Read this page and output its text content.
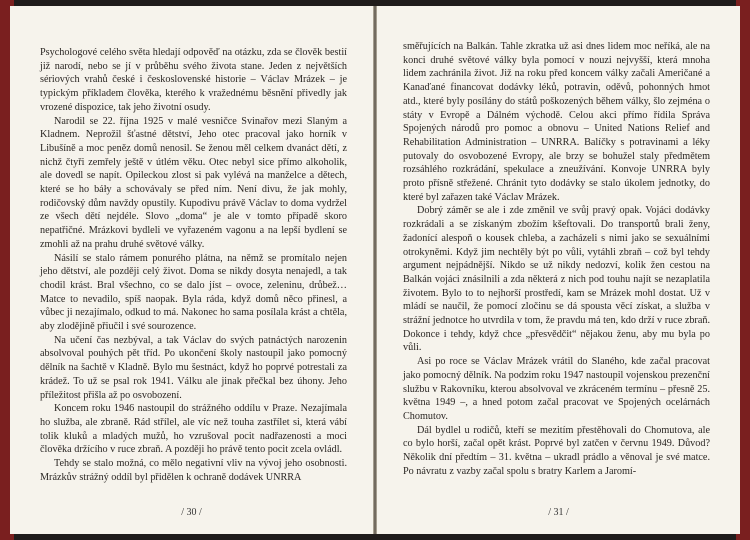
Psychologové celého světa hledají odpověď na otázku, zda se člověk bestií již narodí, nebo se jí v průběhu svého života stane. Jeden z největších sériových vrahů české i československé historie – Václav Mrázek – je typickým příkladem člověka, kterého k vražednému běsnění přivedly jak vrozené dispozice, tak jeho životní osudy.

Narodil se 22. října 1925 v malé vesničce Svinařov mezi Slaným a Kladnem. Neprožil šťastné dětství, Jeho otec pracoval jako horník v Libušíně a moc peněz domů nenosil. Se ženou měl celkem dvanáct dětí, z nichž čtyři zemřely ještě v útlém věku. Otec nebyl sice přímo alkoholik, ale dovedl se napít. Opileckou zlost si pak vylévá na manželce a dětech, které se ho báły a schovávaly se před ním. Není divu, že jak mohly, rodičovský dům navždy opustily. Kupodivu právě Václav to doma vydržel ze všech dětí nejdéle. Slovo „doma“ je ale v tomto případě skoro nepatřičné. Mrázkovi bydleli ve vyřazeném vagonu a na lepší bydlení se zmohli až na prahu druhé světové války.

Násilí se stalo rámem ponurého plátna, na němž se promítalo nejen jeho dětství, ale později celý život. Doma se nikdy dosyta nenajedl, a tak chodil krást. Bral všechno, co se dalo jíst – ovoce, zeleninu, drůbež… Matce to nevadilo, spíš naopak. Byla ráda, když domů něco přinesl, a vůbec ji nezajímalo, odkud to má. Nakonec ho sama posílala krást a chtěla, aby zlodějině přiučil i své sourozence.

Na učení čas nezbýval, a tak Václav do svých patnáctých narozenin absolvoval pouhých pět tříd. Po ukončení školy nastoupil jako pomocný dělník na šachtě v Kladně. Bylo mu šestnáct, když ho poprvé potrestali za krádež. To už se psal rok 1941. Válku ale jinak přečkal bez úhony. Jeho příležitost přišla až po osvobození.

Koncem roku 1946 nastoupil do strážného oddílu v Praze. Nezajímala ho služba, ale zbraně. Rád střílel, ale víc než touha zastřílet si, která vábí tolik kluků a mladých mužů, ho vzrušoval pocit nadřazenosti a moci člověka držícího v ruce zbraň. A později ho právě tento pocit zcela ovládl.

Tehdy se stalo možná, co mělo negativní vliv na vývoj jeho osobnosti. Mrázkův strážný oddíl byl přidělen k ochraně dodávek UNRRA

/ 30 /

směřujících na Balkán. Tahle zkratka už asi dnes lidem moc neříká, ale na konci druhé světové války byla pomocí v nouzi nejvyšší, která mnoha lidem zachránila život. Již na roku před koncem války začali Američané a Kanaďané financovat dodávky léků, potravin, oděvů, pohonných hmot atd., které byly posílány do států poškozených během války, šlo zejména o státy v Evropě a Dálném východě. Celou akci přímo řídila Správa Spojených národů pro pomoc a obnovu – United Nations Relief and Rehabilitation Administration – UNRRA. Balíčky s potravinami a léky putovaly do osvobozené Evropy, ale brzy se bohužel staly předmětem rozsáhlého rozkrádání, spekulace a zneužívání. Konvoje UNRRA byly proto přísně střežené. Chránit tyto dodávky se stalo úkolem jednotky, do které byl zařazen také Václav Mrázek.

Dobrý záměr se ale i zde změnil ve svůj pravý opak. Vojáci dodávky rozkrádali a se získaným zbožím kšeftovali. Do transportů brali ženy, žadonící alespoň o kousek chleba, a zacházeli s nimi jako se sexuálními otrokyněmi. Když jim nechtěly být po vůli, vytáhli zbraň – což byl tehdy argument nejpádnější. Nikdo se už nikdy nedozví, kolik žen cestou na Balkán vojáci znásilnili a zda některá z nich pod touhu najít se nezaplatila životem. Bylo to to nejhorší prostředí, kam se Mrázek mohl dostat. Už v mládí se naučil, že pomocí zločinu se dá spousta věcí získat, a služba v strážní jednotce ho utvrdila v tom, že pravdu má ten, kdo drží v ruce zbraň. Dokonce i tehdy, když chce „přesvědčit“ nějakou ženu, aby mu byla po vůli.

Asi po roce se Václav Mrázek vrátil do Slaného, kde začal pracovat jako pomocný dělník. Na podzim roku 1947 nastoupil vojenskou prezenční službu v Rakovníku, kterou absolvoval ve zkráceném termínu – přesně 25. května 1949 –, a hned potom začal pracovat ve Spojených ocelárnách Chomutov.

Dál bydlel u rodičů, kteří se mezitím přestěhovali do Chomutova, ale co bylo horší, začal opět krást. Poprvé byl zatčen v červnu 1949. Důvod? Několik dní předtím – 31. května – ukradl prádlo a věnoval je své matce. Po návratu z vazby začal spolu s bratry Karlem a Jaromí-

/ 31 /
